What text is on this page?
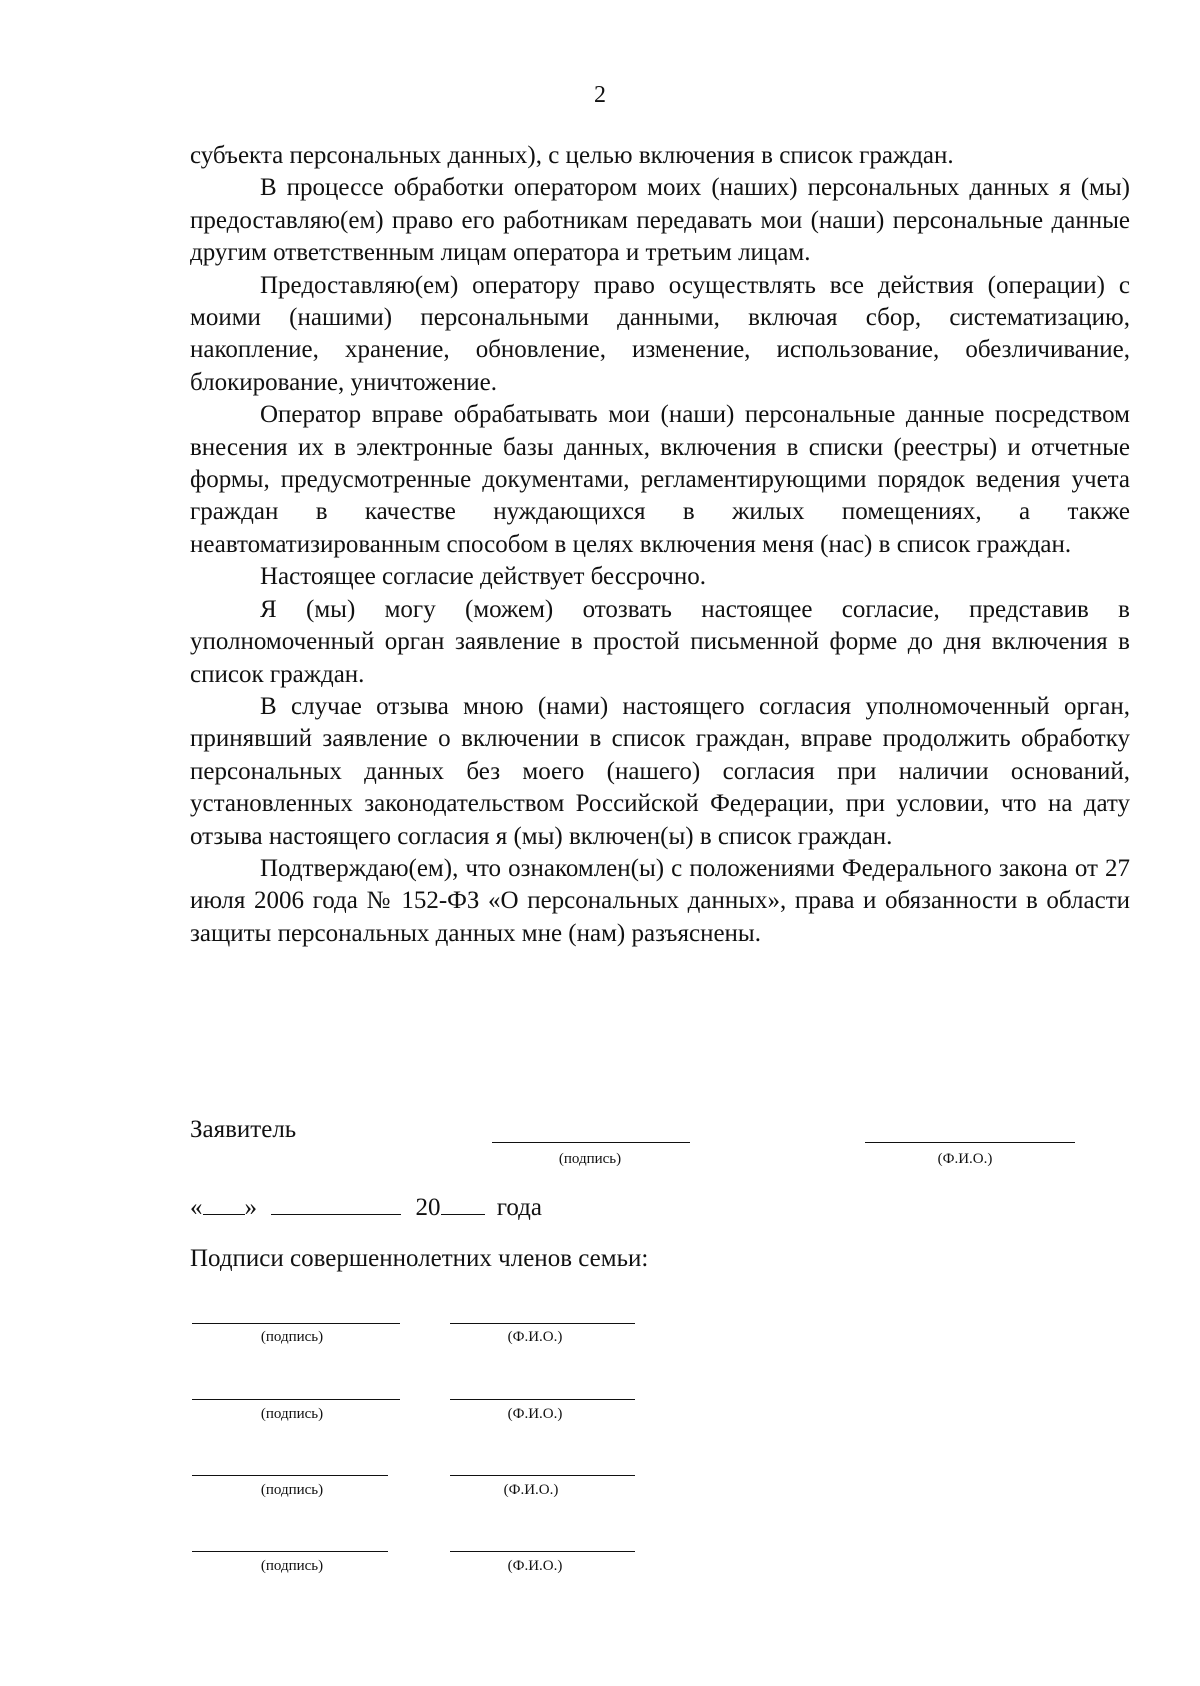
2

субъекта персональных данных), с целью включения в список граждан.

В процессе обработки оператором моих (наших) персональных данных я (мы) предоставляю(ем) право его работникам передавать мои (наши) персональные данные другим ответственным лицам оператора и третьим лицам.

Предоставляю(ем) оператору право осуществлять все действия (операции) с моими (нашими) персональными данными, включая сбор, систематизацию, накопление, хранение, обновление, изменение, использование, обезличивание, блокирование, уничтожение.

Оператор вправе обрабатывать мои (наши) персональные данные посредством внесения их в электронные базы данных, включения в списки (реестры) и отчетные формы, предусмотренные документами, регламентирующими порядок ведения учета граждан в качестве нуждающихся в жилых помещениях, а также неавтоматизированным способом в целях включения меня (нас) в список граждан.

Настоящее согласие действует бессрочно.

Я (мы) могу (можем) отозвать настоящее согласие, представив в уполномоченный орган заявление в простой письменной форме до дня включения в список граждан.

В случае отзыва мною (нами) настоящего согласия уполномоченный орган, принявший заявление о включении в список граждан, вправе продолжить обработку персональных данных без моего (нашего) согласия при наличии оснований, установленных законодательством Российской Федерации, при условии, что на дату отзыва настоящего согласия я (мы) включен(ы) в список граждан.

Подтверждаю(ем), что ознакомлен(ы) с положениями Федерального закона от 27 июля 2006 года № 152-ФЗ «О персональных данных», права и обязанности в области защиты персональных данных мне (нам) разъяснены.

Заявитель
(подпись)	(Ф.И.О.)
« »	20 года
Подписи совершеннолетних членов семьи:
(подпись)	(Ф.И.О.)
(подпись)	(Ф.И.О.)
(подпись)	(Ф.И.О.)
(подпись)	(Ф.И.О.)
